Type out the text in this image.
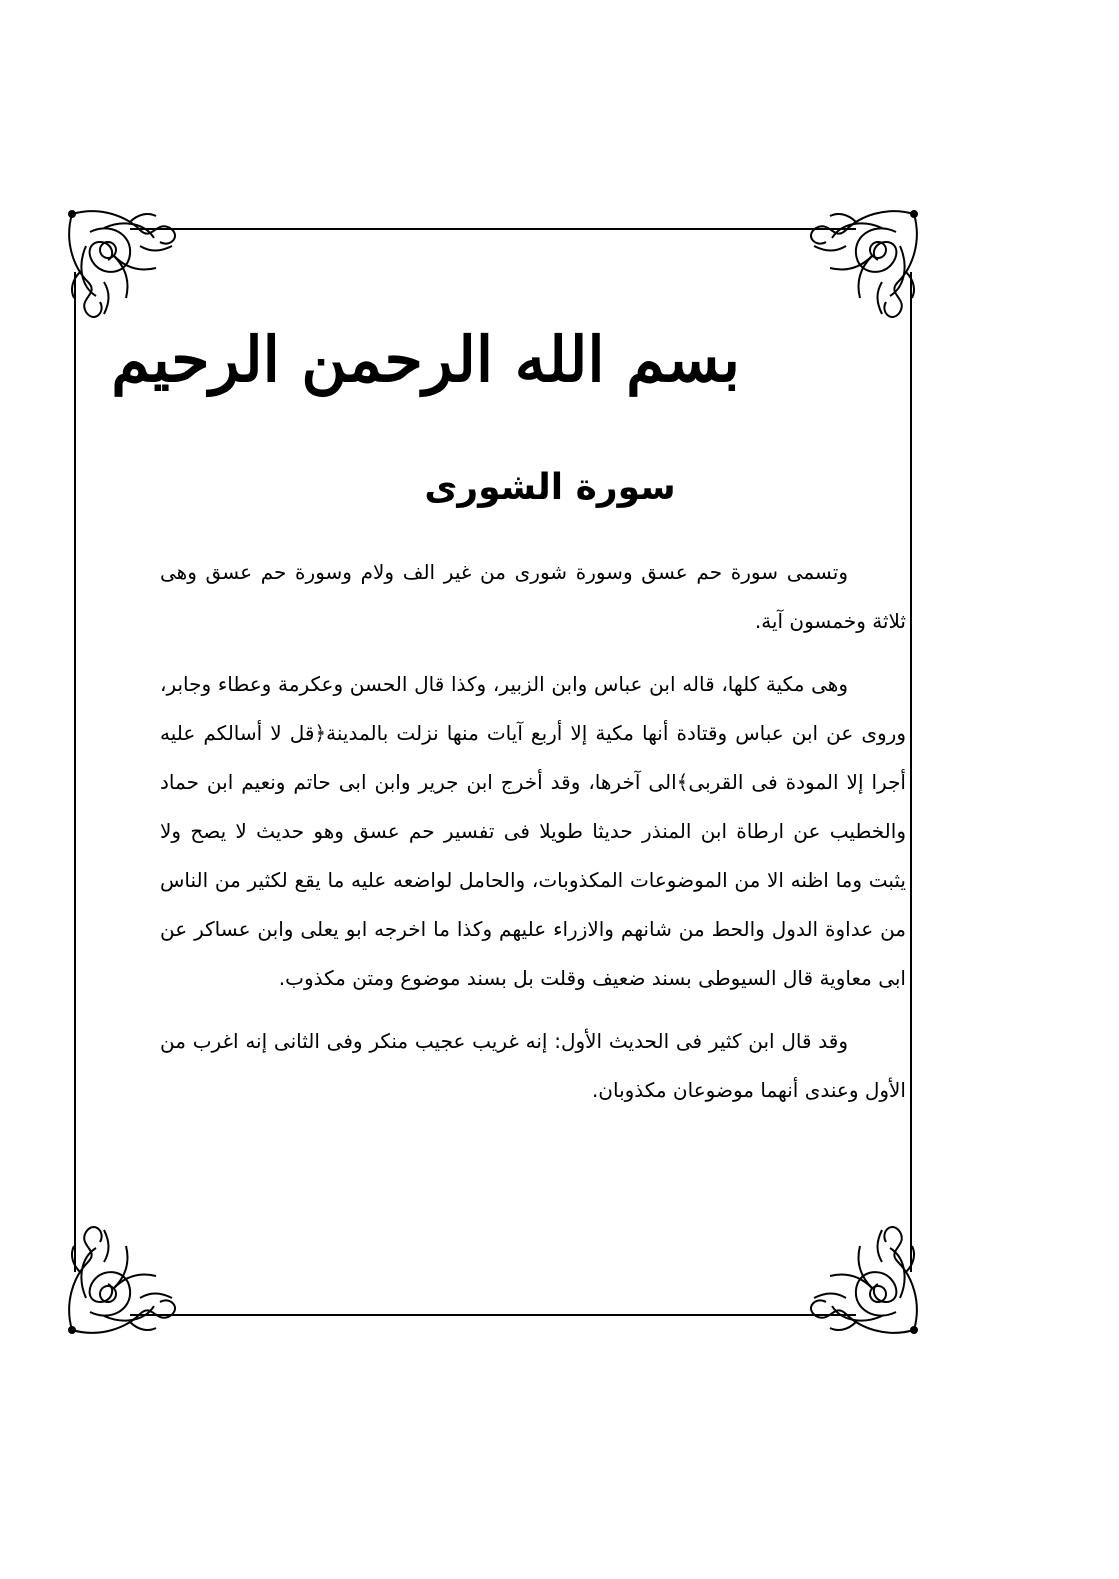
بسم الله الرحمن الرحيم
سورة الشورى

وتسمى سورة حم عسق وسورة شورى من غير الف ولام وسورة حم عسق وهى ثلاثة وخمسون آية.

وهى مكية كلها، قاله ابن عباس وابن الزبير، وكذا قال الحسن وعكرمة وعطاء وجابر، وروى عن ابن عباس وقتادة أنها مكية إلا أربع آيات منها نزلت بالمدينة﴿قل لا أسالكم عليه أجرا إلا المودة فى القربى﴾الى آخرها، وقد أخرج ابن جرير وابن ابى حاتم ونعيم ابن حماد والخطيب عن ارطاة ابن المنذر حديثا طويلا فى تفسير حم عسق وهو حديث لا يصح ولا يثبت وما اظنه الا من الموضوعات المكذوبات، والحامل لواضعه عليه ما يقع لكثير من الناس من عداوة الدول والحط من شانهم والازراء عليهم وكذا ما اخرجه ابو يعلى وابن عساكر عن ابى معاوية قال السيوطى بسند ضعيف وقلت بل بسند موضوع ومتن مكذوب.

وقد قال ابن كثير فى الحديث الأول: إنه غريب عجيب منكر وفى الثانى إنه اغرب من الأول وعندى أنهما موضوعان مكذوبان.
